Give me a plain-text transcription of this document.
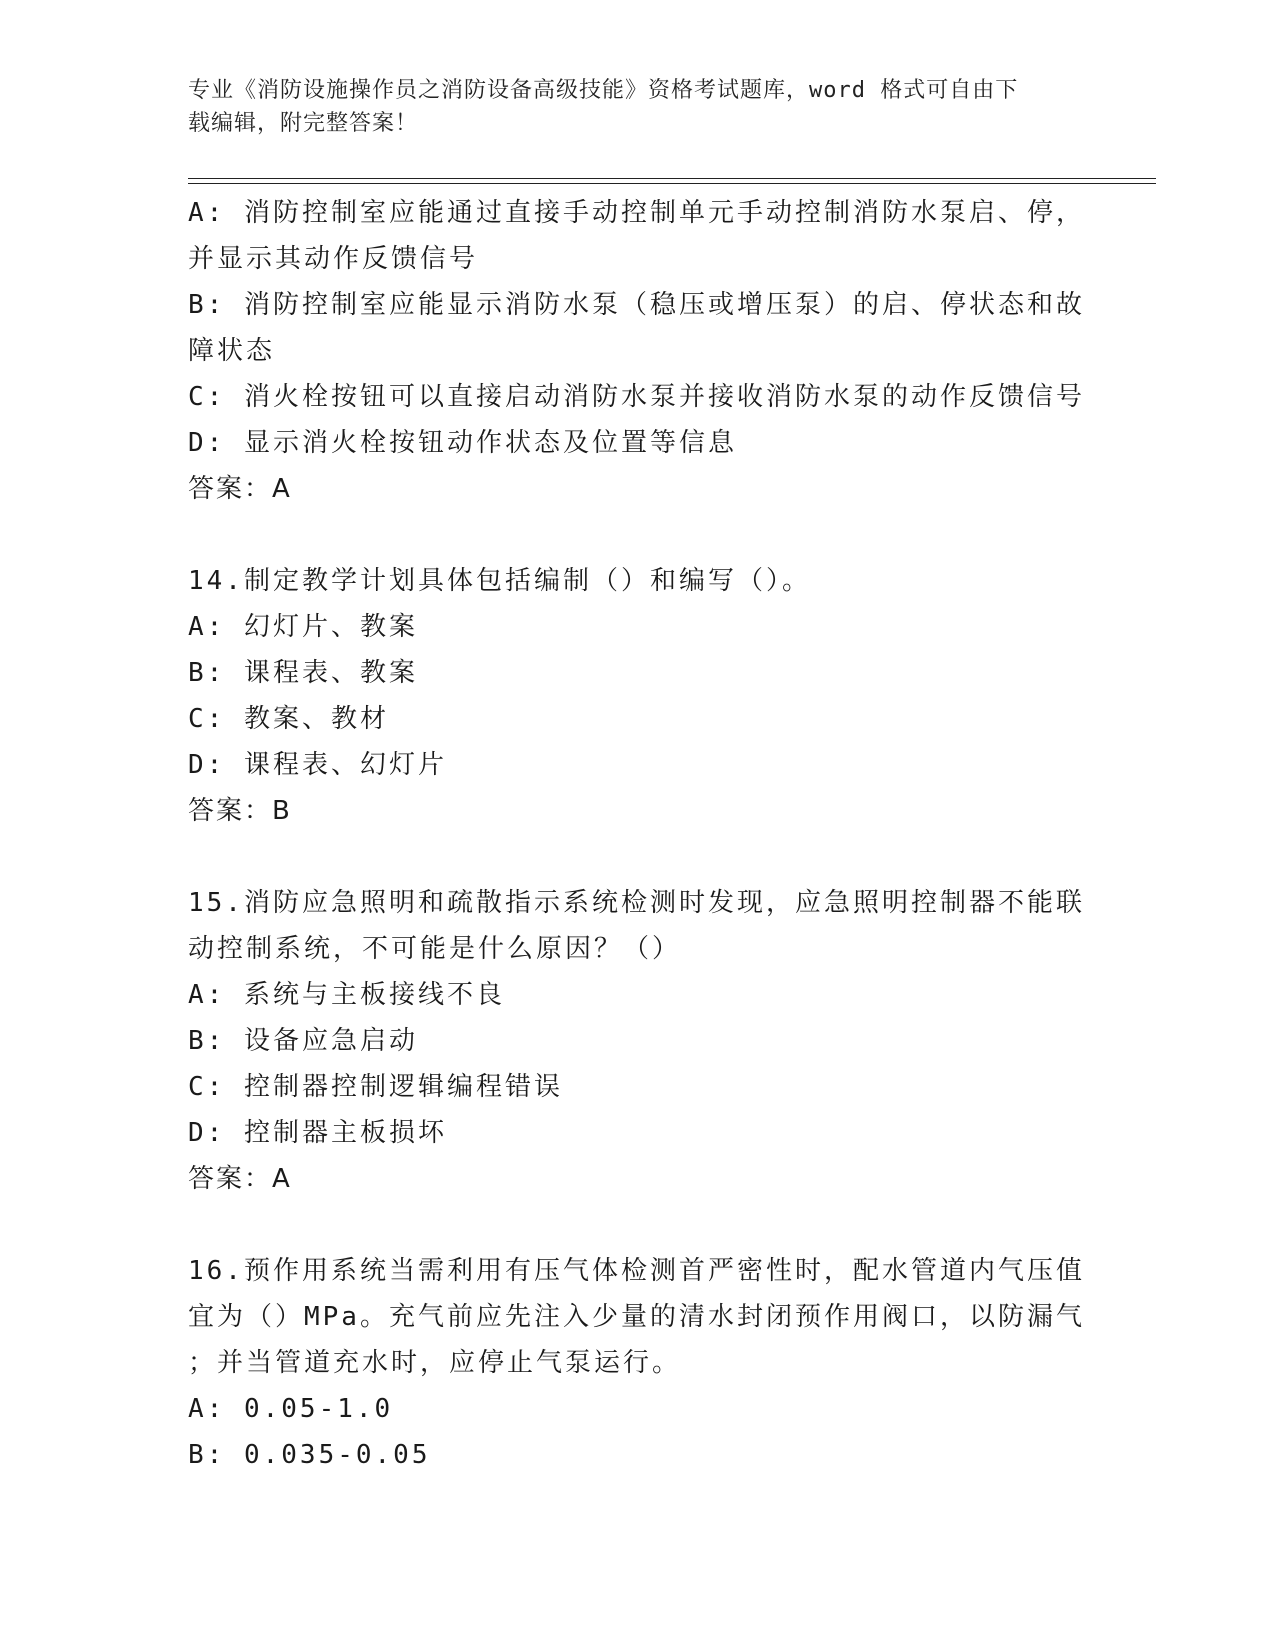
专业《消防设施操作员之消防设备高级技能》资格考试题库，word 格式可自由下
载编辑，附完整答案！
A: 消防控制室应能通过直接手动控制单元手动控制消防水泵启、停，
并显示其动作反馈信号
B: 消防控制室应能显示消防水泵（稳压或增压泵）的启、停状态和故
障状态
C: 消火栓按钮可以直接启动消防水泵并接收消防水泵的动作反馈信号
D: 显示消火栓按钮动作状态及位置等信息
答案：A
14.制定教学计划具体包括编制（）和编写（）。
A: 幻灯片、教案
B: 课程表、教案
C: 教案、教材
D: 课程表、幻灯片
答案：B
15.消防应急照明和疏散指示系统检测时发现，应急照明控制器不能联
动控制系统，不可能是什么原因？（）
A: 系统与主板接线不良
B: 设备应急启动
C: 控制器控制逻辑编程错误
D: 控制器主板损坏
答案：A
16.预作用系统当需利用有压气体检测首严密性时，配水管道内气压值
宜为（）MPa。充气前应先注入少量的清水封闭预作用阀口，以防漏气
；并当管道充水时，应停止气泵运行。
A: 0.05-1.0
B: 0.035-0.05
